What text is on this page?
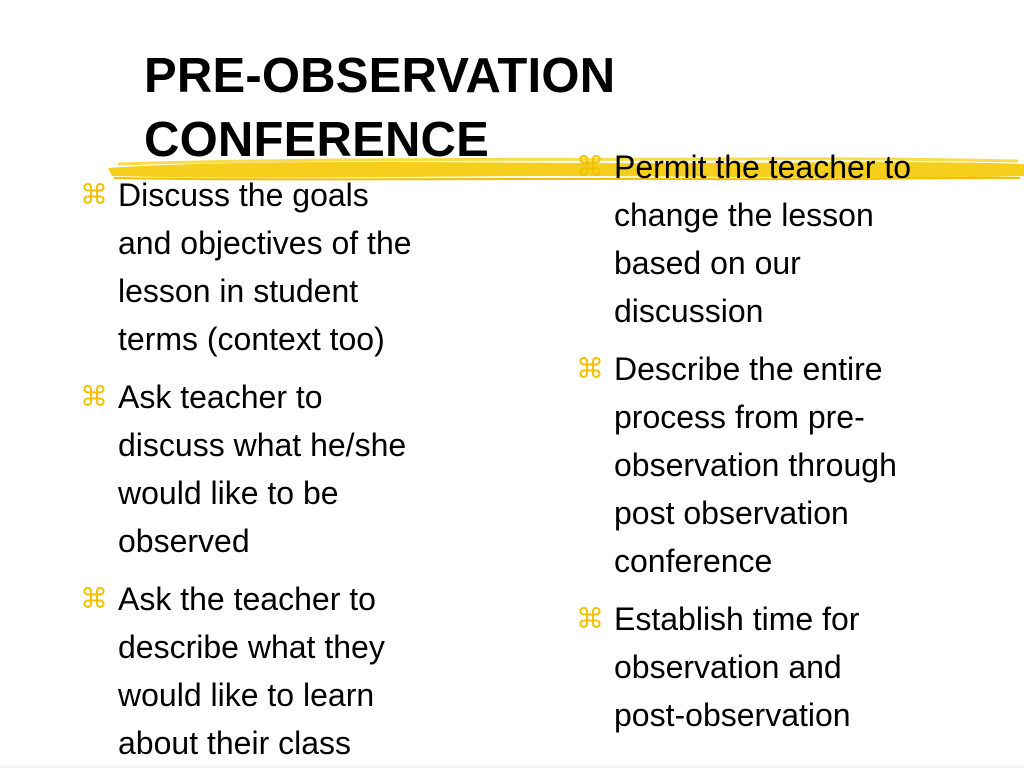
PRE-OBSERVATION
CONFERENCE
⌘ Discuss the goals
and objectives of the
lesson in student
terms (context too)
⌘ Ask teacher to
discuss what he/she
would like to be
observed
⌘ Ask the teacher to
describe what they
would like to learn
about their class
⌘ Permit the teacher to
change the lesson
based on our
discussion
⌘ Describe the entire
process from pre-
observation through
post observation
conference
⌘ Establish time for
observation and
post-observation
